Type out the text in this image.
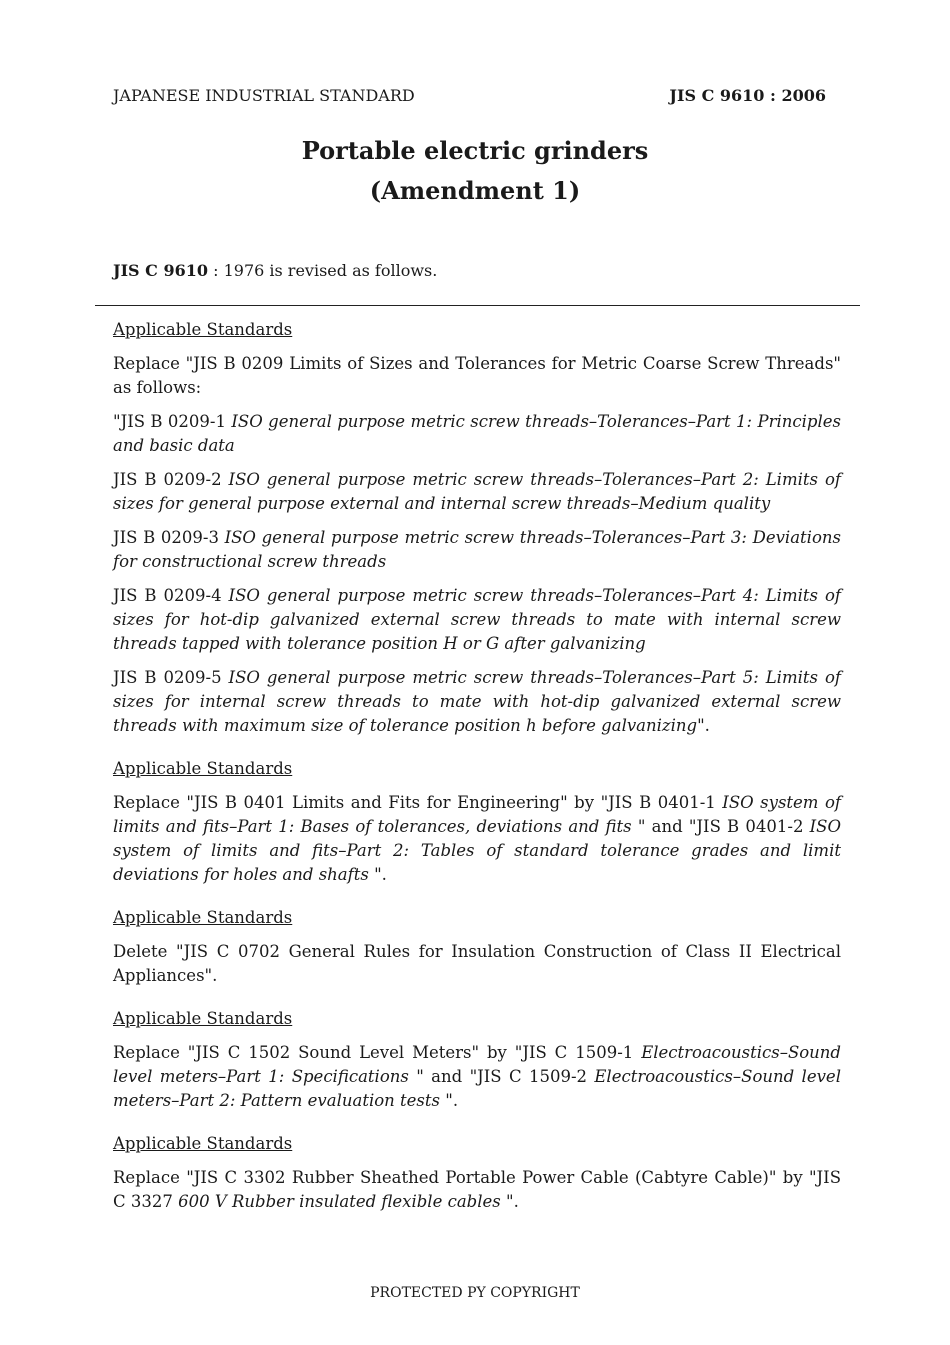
JAPANESE INDUSTRIAL STANDARD	JIS C 9610 : 2006
Portable electric grinders
(Amendment 1)
JIS C 9610 : 1976 is revised as follows.
Applicable Standards
Replace "JIS B 0209 Limits of Sizes and Tolerances for Metric Coarse Screw Threads" as follows:
"JIS B 0209-1 ISO general purpose metric screw threads–Tolerances–Part 1: Principles and basic data
JIS B 0209-2 ISO general purpose metric screw threads–Tolerances–Part 2: Limits of sizes for general purpose external and internal screw threads–Medium quality
JIS B 0209-3 ISO general purpose metric screw threads–Tolerances–Part 3: Deviations for constructional screw threads
JIS B 0209-4 ISO general purpose metric screw threads–Tolerances–Part 4: Limits of sizes for hot-dip galvanized external screw threads to mate with internal screw threads tapped with tolerance position H or G after galvanizing
JIS B 0209-5 ISO general purpose metric screw threads–Tolerances–Part 5: Limits of sizes for internal screw threads to mate with hot-dip galvanized external screw threads with maximum size of tolerance position h before galvanizing".
Applicable Standards
Replace "JIS B 0401 Limits and Fits for Engineering" by "JIS B 0401-1 ISO system of limits and fits–Part 1: Bases of tolerances, deviations and fits " and "JIS B 0401-2 ISO system of limits and fits–Part 2: Tables of standard tolerance grades and limit deviations for holes and shafts ".
Applicable Standards
Delete "JIS C 0702 General Rules for Insulation Construction of Class II Electrical Appliances".
Applicable Standards
Replace "JIS C 1502 Sound Level Meters" by "JIS C 1509-1 Electroacoustics–Sound level meters–Part 1: Specifications " and "JIS C 1509-2 Electroacoustics–Sound level meters–Part 2: Pattern evaluation tests ".
Applicable Standards
Replace "JIS C 3302 Rubber Sheathed Portable Power Cable (Cabtyre Cable)" by "JIS C 3327 600 V Rubber insulated flexible cables ".
PROTECTED PY COPYRIGHT
